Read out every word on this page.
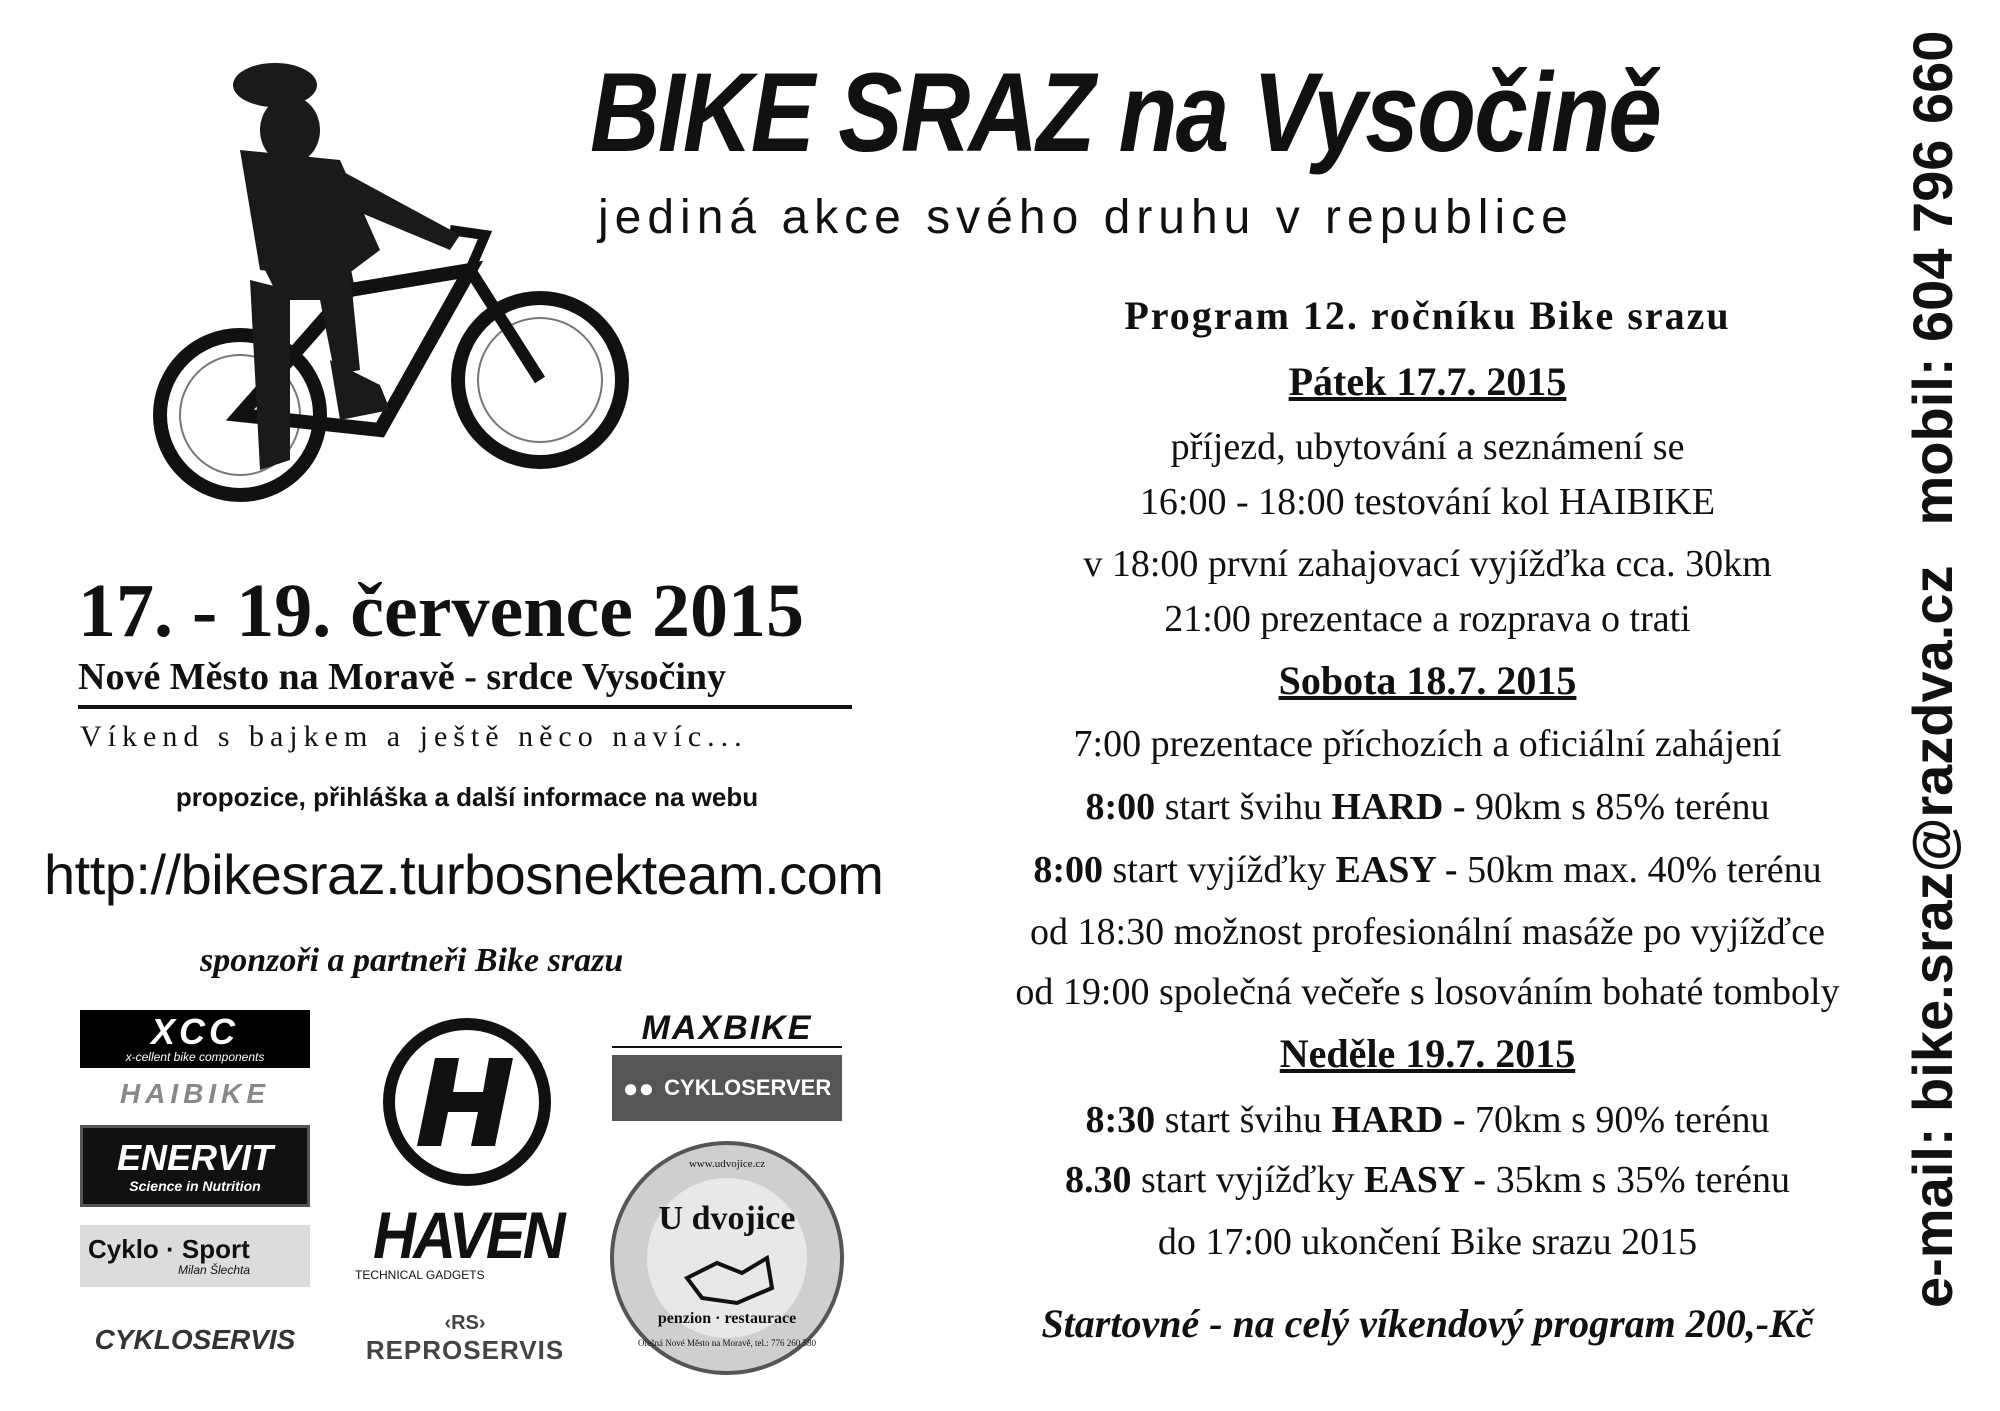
BIKE SRAZ na Vysočině
jediná akce svého druhu v republice
Program 12. ročníku Bike srazu
Pátek 17.7. 2015
příjezd, ubytování a seznámení se
16:00 - 18:00 testování kol HAIBIKE
v 18:00 první zahajovací vyjížďka cca. 30km
21:00 prezentace a rozprava o trati
Sobota 18.7. 2015
7:00 prezentace příchozích a oficiální zahájení
8:00 start švihu HARD - 90km s 85% terénu
8:00 start vyjížďky EASY - 50km max. 40% terénu
od 18:30 možnost profesionální masáže po vyjížďce
od 19:00 společná večeře s losováním bohaté tomboly
Neděle 19.7. 2015
8:30 start švihu HARD - 70km s 90% terénu
8.30 start vyjížďky EASY - 35km s 35% terénu
do 17:00 ukončení Bike srazu 2015
Startovné - na celý víkendový program 200,-Kč
17. - 19. července 2015
Nové Město na Moravě - srdce Vysočiny
Víkend s bajkem a ještě něco navíc...
propozice, přihláška a další informace na webu
http://bikesraz.turbosnekteam.com
sponzoři a partneři Bike srazu
e-mail: bike.sraz@razdva.czmobil: 604 796 660
XCC
x-cellent bike components
HAIBIKE
ENERVIT
Science in Nutrition
Cyklo · Sport
Milan Šlechta
CYKLOSERVIS
HAVEN
TECHNICAL GADGETS
‹RS›
REPROSERVIS
MAXBIKE
●● CYKLOSERVER
www.udvojice.cz
U dvojice
penzion · restaurace
Olešná Nové Město na Moravě, tel.: 776 260 580
